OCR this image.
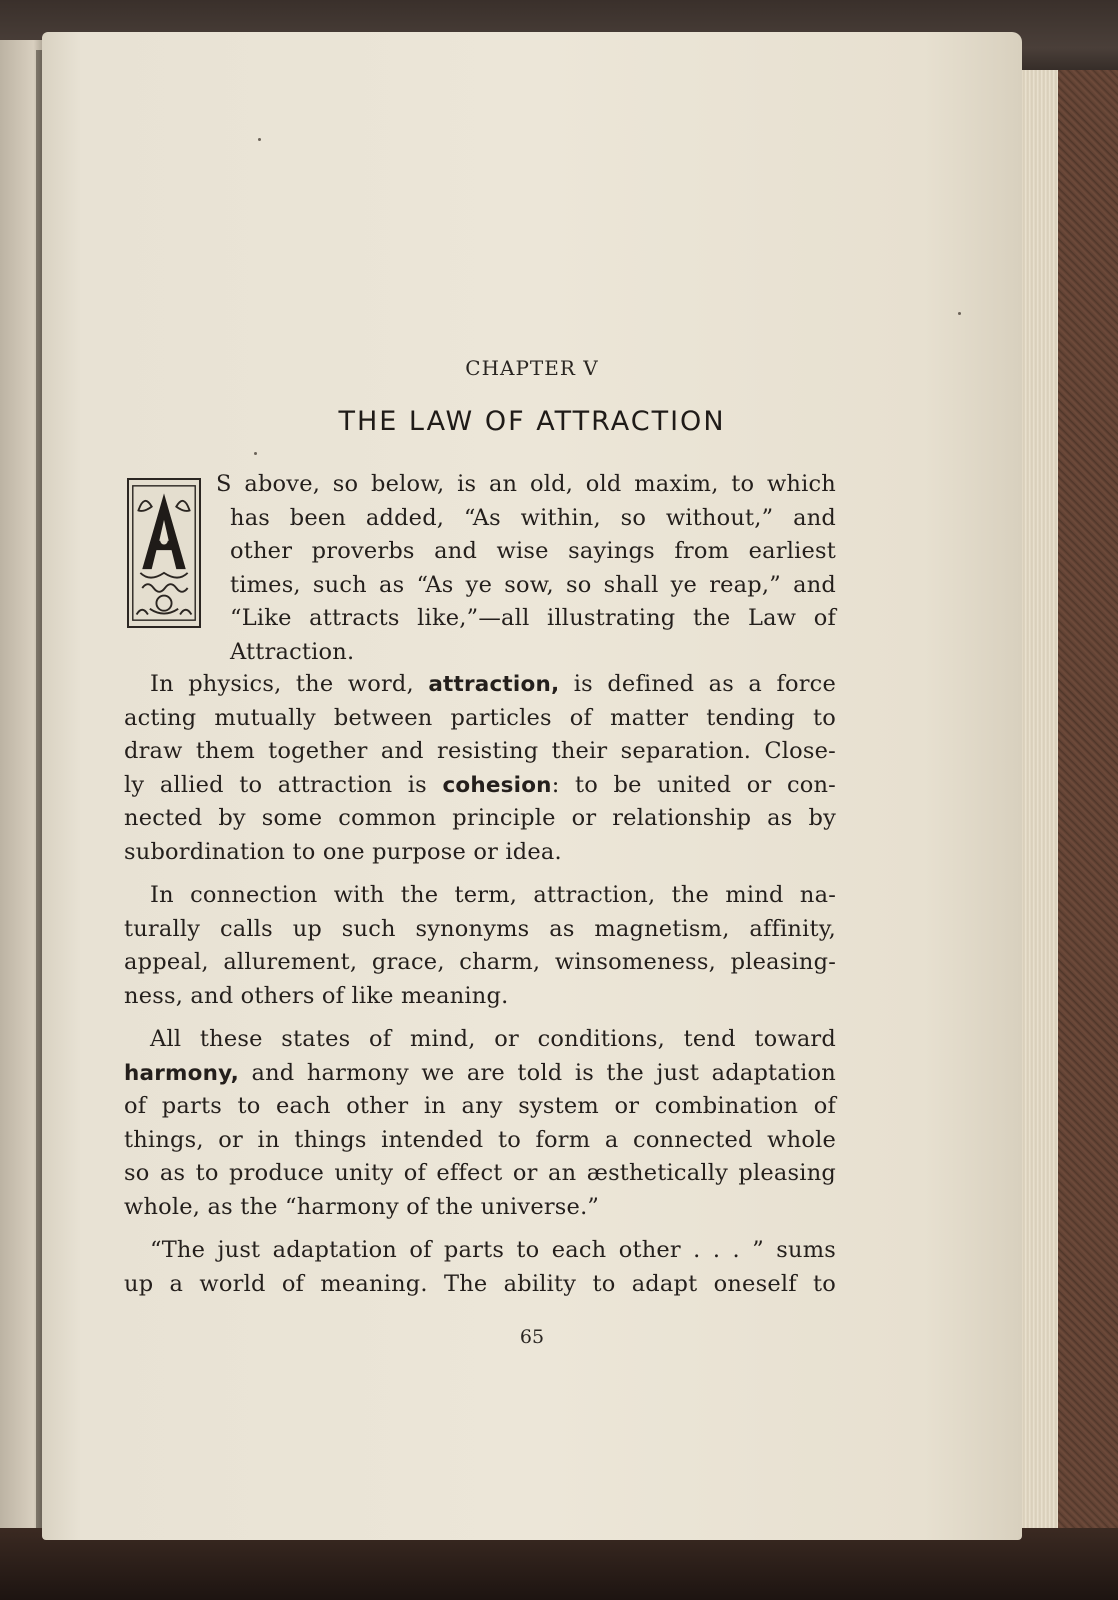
CHAPTER V
THE LAW OF ATTRACTION
S above, so below, is an old, old maxim, to which
has been added, “As within, so without,” and
other proverbs and wise sayings from earliest
times, such as “As ye sow, so shall ye reap,” and
“Like attracts like,”—all illustrating the Law of
Attraction.
In physics, the word, attraction, is defined as a force
acting mutually between particles of matter tending to
draw them together and resisting their separation. Close-
ly allied to attraction is cohesion: to be united or con-
nected by some common principle or relationship as by
subordination to one purpose or idea.
In connection with the term, attraction, the mind na-
turally calls up such synonyms as magnetism, affinity,
appeal, allurement, grace, charm, winsomeness, pleasing-
ness, and others of like meaning.
All these states of mind, or conditions, tend toward
harmony, and harmony we are told is the just adaptation
of parts to each other in any system or combination of
things, or in things intended to form a connected whole
so as to produce unity of effect or an æsthetically pleasing
whole, as the “harmony of the universe.”
“The just adaptation of parts to each other . . . ” sums
up a world of meaning. The ability to adapt oneself to
65
